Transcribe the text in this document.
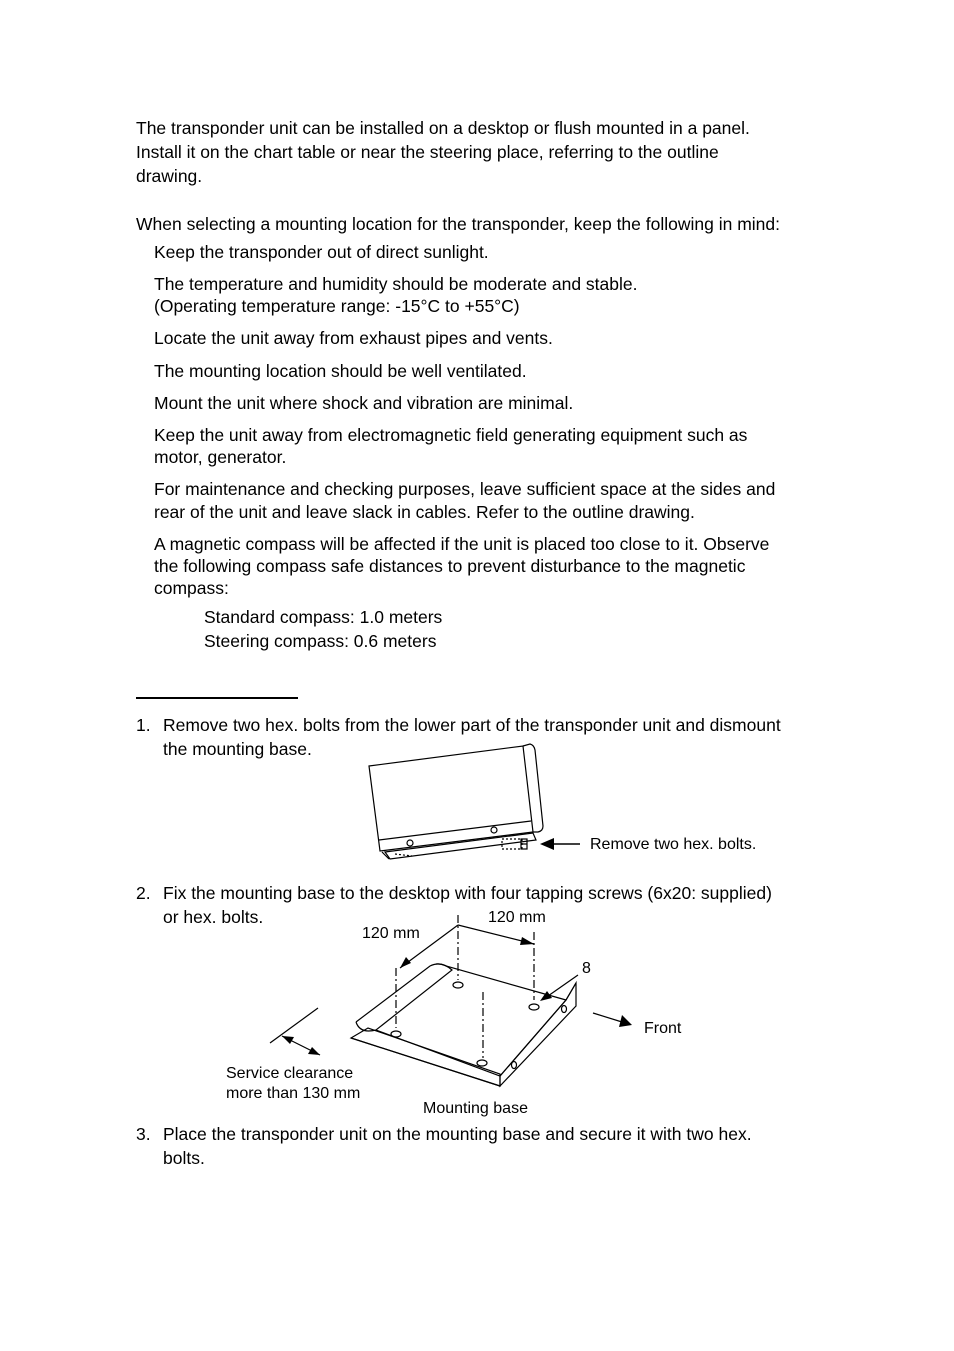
The transponder unit can be installed on a desktop or flush mounted in a panel.
Install it on the chart table or near the steering place, referring to the outline
drawing.
When selecting a mounting location for the transponder, keep the following in mind:
Keep the transponder out of direct sunlight.
The temperature and humidity should be moderate and stable.
(Operating temperature range: -15°C to +55°C)
Locate the unit away from exhaust pipes and vents.
The mounting location should be well ventilated.
Mount the unit where shock and vibration are minimal.
Keep the unit away from electromagnetic field generating equipment such as
motor, generator.
For maintenance and checking purposes, leave sufficient space at the sides and
rear of the unit and leave slack in cables. Refer to the outline drawing.
A magnetic compass will be affected if the unit is placed too close to it. Observe
the following compass safe distances to prevent disturbance to the magnetic
compass:
Standard compass: 1.0 meters
Steering compass: 0.6 meters
1. Remove two hex. bolts from the lower part of the transponder unit and dismount
the mounting base.
Remove two hex. bolts.
2. Fix the mounting base to the desktop with four tapping screws (6x20: supplied)
or hex. bolts.	120 mm
120 mm
8
Front
Service clearance
more than 130 mm
Mounting base
3. Place the transponder unit on the mounting base and secure it with two hex.
bolts.
